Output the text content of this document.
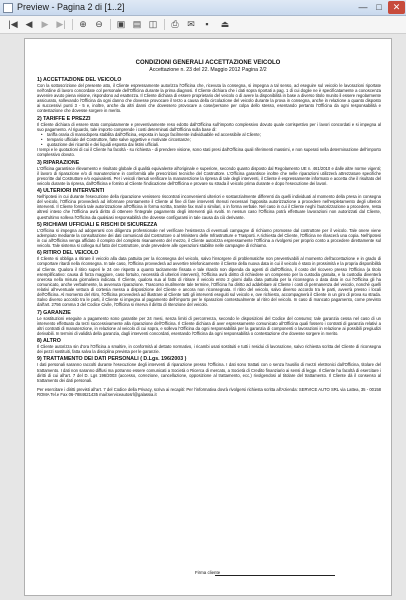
Preview - Pagina 2 di [1..2]	— □	✕
|◀ ◀	▶ ▶|	⊕ ⊖	▣ ▤ ◫	⎙ ✉	▪	⏏
CONDIZIONI GENERALI ACCETTAZIONE VEICOLO
Accettazione n. 23 del 22. Maggio 2012 Pagina 2/2

1) ACCETTAZIONE DEL VEICOLO

Con la sottoscrizione del presente atto, il Cliente espressamente autorizza l'Officina che, ricevuta la consegna, si impegna a tal senso, ad eseguire sul veicolo le lavorazioni riportate nell'ordine di lavoro concordate col personale dell'Officina durante la prima diagnosi. Il Cliente dichiara che i dati sopra riportati a pag. 1 di cui doglie ne è specificatamente a conoscenza avvenire avuto piena visione, rispondono ad esattezza. Il Cliente dichiara di essere proprietario del veicolo o di avere la disponibilità in base a diverso titolo munito il essere regolarmente assicurato, sollevando l'Officina da ogni danno che dovesse provocare il terzo a causa della circolazione del veicolo durante la prova in consegna, anche in relazione a quanto disposto ai successivi punti 3 - 5 e, inoltre, anche da altri danni che dovessero provocare a cose/persone per colpa dello stesso, esentando pertanto l'Officina da ogni responsabilità e contestazione che dovesse sorgere in merito.

2) TARIFFE E PREZZI

Il Cliente dichiara di essere stato compiutamente e preventivamente reso edotto dall'Officina sull'importo complessivo dovuto quale corrispettivo per i lavori concordati e si impegna al suo pagamento. Al riguardo, tale importo comprende i costi determinati dall'Officina sulla base di:

• tariffa oraria di manodopera stabilita dall'Officina, esposta in luogo facilmente individuabile ed accessibile al Cliente;
• tempario ufficiale del Costruttore, fatte salve oggettive e motivate circostanze;
• quotazione dei ricambi e dei liquidi esposta dai listini ufficiali.

I tempi e le quotazioni di cui il Cliente ha facoltà - su richiesta - di prendere visione, sono stati presi dall'Officina quali riferimenti massimi, e non superati nella determinazione dell'importo complessivo dovuto.

3) RIPARAZIONE

L'Officina garantisce rilevamento e risultato globale di qualità equivalente all'originale e superiore, secondo quanto disposto dal Regolamento UE n. 461/2010 e dalle altre norme vigenti; il lavoro di riparazione e/o di manutenzione in conformità alle prescrizioni tecniche del Costruttore. L'Officina garantisce inoltre che nelle riparazioni utilizzerà attrezzature specifiche prescritte dal Costruttore e/o equivalenti. Per i veicoli ritenuti verificare la manutenzione la ripresa di tale degli interventi, il Cliente è espressamente informato e accetta che il risultato del veicolo durante la ripresa, dall'Officina e fornito al Cliente l'indicazione dell'Officina e provare su strada il veicolo prima durante e dopo l'esecuzione dei lavori.

4) ULTERIORI INTERVENTI

Nell'ipotesi in cui durante l'esecuzione della riparazione venissero riscontrati inconvenienti ulteriori e sostanzialmente differenti da quelli individuati al momento della presa in consegna del veicolo, l'Officina provvederà ad informare prontamente il Cliente al fine di fare interventi ritenuti necessari l'apposita autorizzazione a procedere nell'espletamento degli ulteriori interventi. Il Cliente fornirà tale autorizzazione all'Officina in forma scritta, tramite fax mail o similari, o in forma verbale. Nel caso in cui il Cliente neghi l'autorizzazione a procedere, resta altresì inteso che l'Officina avrà diritto di ottenere l'integrale pagamento degli interventi già svolti. In nessun caso l'Officina potrà effettuare lavorazioni non autorizzati dal Cliente, quest'ultimo solleva l'Officina da qualsiasi responsabilità che dovesse configurarsi in tale causa da ciò derivante.

5) RICHIAMI UFFICIALI E RISCHI DI SICUREZZA

L'Officina si impegna ad adoperarsi con diligenza professionale nel verificare l'esistenza di eventuali campagne di richiamo promosse dal costruttore per il veicolo. Tale onere viene adempiuto mediante la consultazione dei dati comunicati dal Costruttore o al Ministero delle Infrastrutture e Trasporti. A richiesta del Cliente, l'Officina ne rilascerà una copia. Nell'ipotesi in cui all'Officina venga affidato il compito del completo risanamento del mezzo, il Cliente autorizza espressamente l'Officina a rivolgersi per proprio conto a procedere direttamente sul veicolo. Tale sistema si collega sul fatto del Costruttore, onde prevedere alle operazioni stabilite nelle campagne di richiamo.

6) RITIRO DEL VEICOLO

Il Cliente si obbliga a ritirare il veicolo alla data pattuita per la riconsegna del veicolo, salvo l'insorgere di problematiche non preventivabili al momento dell'accettazione e in grado di comportare ritardi nella riconsegna. In tale caso, l'Officina provvederà ad avvertire telefonicamente il Cliente della nuova data in cui il veicolo è stato in prossimità e la propria disponibilità al Cliente. Qualora il ritiro superi le 24 ore rispetto a quanto tacitamente fissata e tale ritardo non dipenda da agenti di dall'Officina, il costo del ricovero presso l'Officina (a titolo esemplificativo: causa di forza maggiore, caso fortuito, necessità di ulteriori interventi), l'Officina avrà diritto di richiedere un compenso per la custodia gratuita, e la custodia diventerà onerosa nella misura giornaliera indicata. Il Cliente, qualora sua al fatto di ritirare il veicolo entro 2 giorni dalla data pattuita per la riconsegna o data data in cui l'Officina gli ha comunicato, anche verbalmente, la avvenuta riparazione. Trascorso inutilmente tale termine, l'Officina ha diritto ad addebitare al Cliente i costi di permanenza del veicolo, nonché quelli relativi all'eventuale vettura di cortesia messa a disposizione del Cliente e ancora non riconsegnata. Il ritiro del veicolo, salvo diverso accordo tra le parti, avverrà presso i locali dell'Officina. Al momento del ritiro, l'Officina provvederà ad illustrare al Cliente tutti gli interventi eseguiti sul veicolo e, ove richiesto, accompagnerà il Cliente in un giro di prova su strada. Salvo diverso accordo tra le parti, il Cliente si impegna al pagamento dell'importo per le riparazioni contestualmente al ritiro del veicolo. In caso di mancato pagamento, come previsto dall'art. 2756 comma 3 del Codice Civile, l'Officina si riserva il diritto di ritenzione del veicolo.

7) GARANZIE

Le sostituzioni eseguite a pagamento sono garantite per 24 mesi, senza limiti di percorrenza, secondo le disposizioni del Codice del consumo; tale garanzia cessa nel caso di un intervento effettuato da terzi successivamente alla riparazione dell'Officina. Il Cliente dichiara di aver espressamente comunicato all'Officina quali fossero i contratti di garanzia relativi a altri contratti di manutenzione, in relazione al veicolo di cui sopra, e solleva l'Officina da ogni responsabilità per la garanzia di componenti o lavorazioni in relazione ai possibili pregiudizi derivabili. In termini di validità della garanzia, dagli interventi concordati, esentando l'Officina da ogni responsabilità o contestazione che dovesse sorgere in merito.

8) ALTRO

Il Cliente autorizza sin d'ora l'Officina a smaltire, in conformità al dettato normativo, i ricambi usati sostituiti e tutti i residui di lavorazione, salvo richiesta scritta del Cliente di riconsegna dei pezzi sostituiti, fatta salva la disciplina prevista per le garanzie.

9) TRATTAMENTO DEI DATI PERSONALI ( D.Lgs. 196/2003 )

I dati personali saranno raccolti durante l'esecuzione degli interventi di riparazione presso l'Officina. I dati sono trattati con o senza l'ausilio di mezzi elettronici dall'Officina, titolare del trattamento. I dati non saranno diffusi ma potranno essere comunicati a Società o Ricerca di mercato, a Società di Credito finanziario ai sensi di legge. Il Cliente ha facoltà di esercitare i diritti di cui all'art. 7 del D. Lgs 196/2003 (accesso, correzione, cancellazione, opposizione al trattamento, ecc.) rivolgendosi al titolare del trattamento. Il Cliente dà il consenso al trattamento dei dati personali.

Per esercitare i diritti previsti all'art. 7 del Codice della Privacy, scriva ai recapiti: Per l'informativa dovrà rivolgersi richiesta scritta all'Azienda: SERVICE AUTO SRL via Lattea, 35 - 00158 ROMA Tel.e Fax 06-7884621435 mail:serviceautosrl@galassia.it

Firma cliente
